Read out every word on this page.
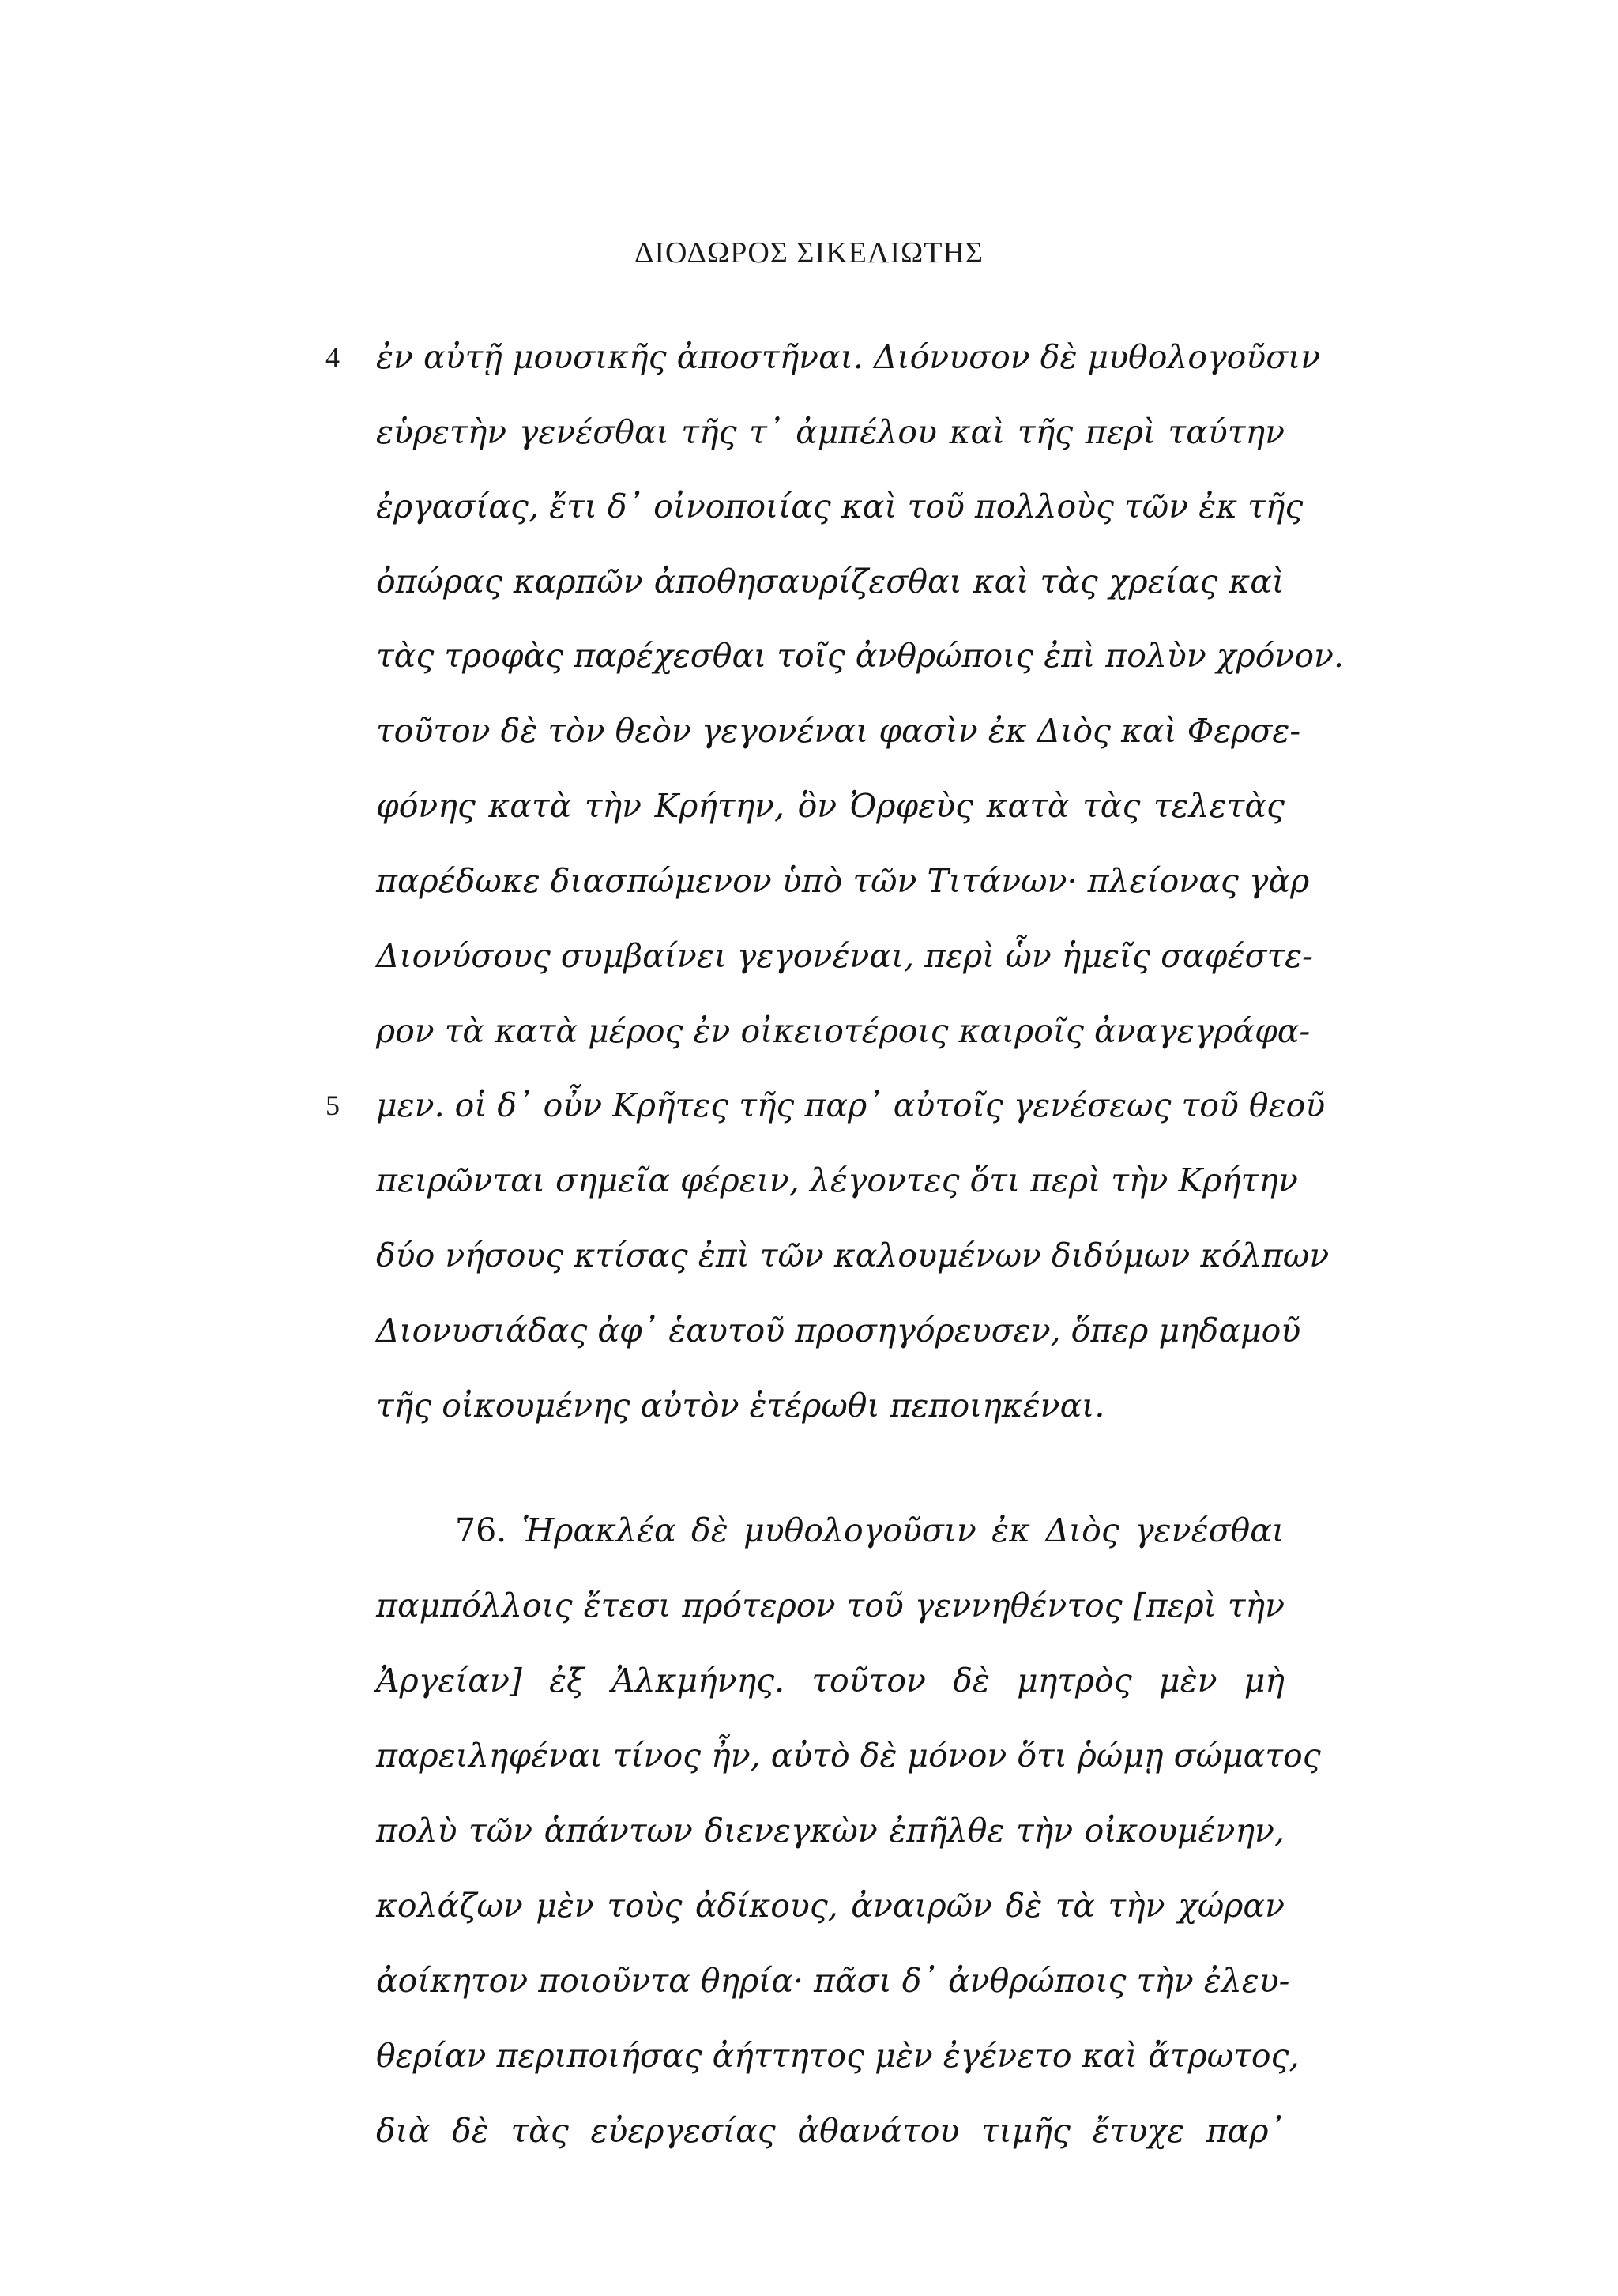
ΔΙΟΔΩΡΟΣ ΣΙΚΕΛΙΩΤΗΣ
4 ἐν αὐτῇ μουσικῆς ἀποστῆναι. Διόνυσον δὲ μυθολογοῦσιν
εὑρετὴν γενέσθαι τῆς τ᾽ ἀμπέλου καὶ τῆς περὶ ταύτην
ἐργασίας, ἔτι δ᾽ οἰνοποιίας καὶ τοῦ πολλοὺς τῶν ἐκ τῆς
ὀπώρας καρπῶν ἀποθησαυρίζεσθαι καὶ τὰς χρείας καὶ
τὰς τροφὰς παρέχεσθαι τοῖς ἀνθρώποις ἐπὶ πολὺν χρόνον.
τοῦτον δὲ τὸν θεὸν γεγονέναι φασὶν ἐκ Διὸς καὶ Φερσε-
φόνης κατὰ τὴν Κρήτην, ὃν Ὀρφεὺς κατὰ τὰς τελετὰς
παρέδωκε διασπώμενον ὑπὸ τῶν Τιτάνων· πλείονας γὰρ
Διονύσους συμβαίνει γεγονέναι, περὶ ὧν ἡμεῖς σαφέστε-
ρον τὰ κατὰ μέρος ἐν οἰκειοτέροις καιροῖς ἀναγεγράφα-
5 μεν. οἱ δ᾽ οὖν Κρῆτες τῆς παρ᾽ αὐτοῖς γενέσεως τοῦ θεοῦ
πειρῶνται σημεῖα φέρειν, λέγοντες ὅτι περὶ τὴν Κρήτην
δύο νήσους κτίσας ἐπὶ τῶν καλουμένων διδύμων κόλπων
Διονυσιάδας ἀφ᾽ ἑαυτοῦ προσηγόρευσεν, ὅπερ μηδαμοῦ
τῆς οἰκουμένης αὐτὸν ἑτέρωθι πεποιηκέναι.
76. Ἡρακλέα δὲ μυθολογοῦσιν ἐκ Διὸς γενέσθαι
παμπόλλοις ἔτεσι πρότερον τοῦ γεννηθέντος [περὶ τὴν
Ἀργείαν] ἐξ Ἀλκμήνης. τοῦτον δὲ μητρὸς μὲν μὴ
παρειληφέναι τίνος ἦν, αὐτὸ δὲ μόνον ὅτι ῥώμῃ σώματος
πολὺ τῶν ἁπάντων διενεγκὼν ἐπῆλθε τὴν οἰκουμένην,
κολάζων μὲν τοὺς ἀδίκους, ἀναιρῶν δὲ τὰ τὴν χώραν
ἀοίκητον ποιοῦντα θηρία· πᾶσι δ᾽ ἀνθρώποις τὴν ἐλευ-
θερίαν περιποιήσας ἀήττητος μὲν ἐγένετο καὶ ἄτρωτος,
διὰ δὲ τὰς εὐεργεσίας ἀθανάτου τιμῆς ἔτυχε παρ᾽
